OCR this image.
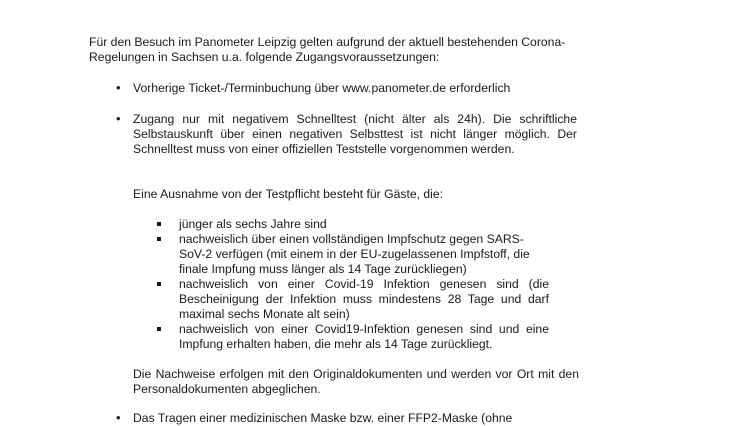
Für den Besuch im Panometer Leipzig gelten aufgrund der aktuell bestehenden Corona-Regelungen in Sachsen u.a. folgende Zugangsvoraussetzungen:
• Vorherige Ticket-/Terminbuchung über www.panometer.de erforderlich
• Zugang nur mit negativem Schnelltest (nicht älter als 24h). Die schriftliche Selbstauskunft über einen negativen Selbsttest ist nicht länger möglich. Der Schnelltest muss von einer offiziellen Teststelle vorgenommen werden.
Eine Ausnahme von der Testpflicht besteht für Gäste, die:
jünger als sechs Jahre sind
nachweislich über einen vollständigen Impfschutz gegen SARS-SoV-2 verfügen (mit einem in der EU-zugelassenen Impfstoff, die finale Impfung muss länger als 14 Tage zurückliegen)
nachweislich von einer Covid-19 Infektion genesen sind (die Bescheinigung der Infektion muss mindestens 28 Tage und darf maximal sechs Monate alt sein)
nachweislich von einer Covid19-Infektion genesen sind und eine Impfung erhalten haben, die mehr als 14 Tage zurückliegt.
Die Nachweise erfolgen mit den Originaldokumenten und werden vor Ort mit den Personaldokumenten abgeglichen.
• Das Tragen einer medizinischen Maske bzw. einer FFP2-Maske (ohne
